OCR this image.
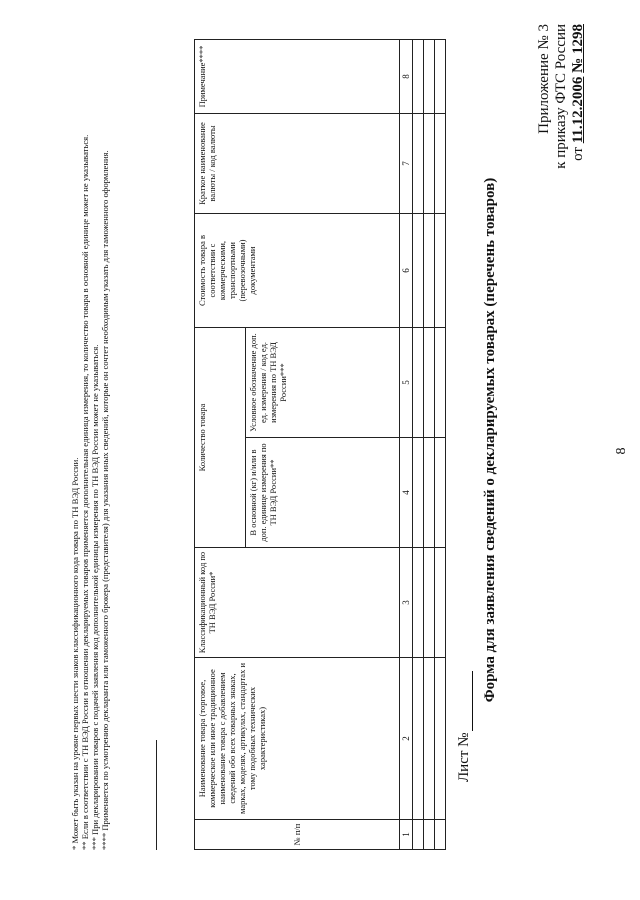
8
Приложение № 3 к приказу ФТС России от 11.12.2006 № 1298
Форма для заявления сведений о декларируемых товарах (перечень товаров)
Лист №
№ п/п	Наименование товара (торговое, коммерческое или иное традиционное наименование товара с добавлением сведений обо всех товарных знаках, марках, моделях, артикулах, стандартах и тому подобных технических характеристиках)	Классификационный код по ТН ВЭД России*	Количество товара		Стоимость товара в соответствии с коммерческими, транспортными (перевозочными) документами	Краткое наименование валюты / код валюты	Примечание****
			В основной (кг) и/или в доп. единице измерения по ТН ВЭД России**	Условное обозначение доп. ед. измерения / код ед. измерения по ТН ВЭД России***			
1	2	3	4	5	6	7	8

* Может быть указан на уровне первых шести знаков классификационного кода товара по ТН ВЭД России. ** Если в соответствии с ТН ВЭД России в отношении декларируемых товаров применяется дополнительная единица измерения, то количество товара в основной единице может не указываться. *** При декларировании товаров с подачей заявления код дополнительной единицы измерения по ТН ВЭД России может не указываться. **** Применяется по усмотрению декларанта или таможенного брокера (представителя) для указания иных сведений, которые он сочтет необходимым указать для таможенного оформления.
